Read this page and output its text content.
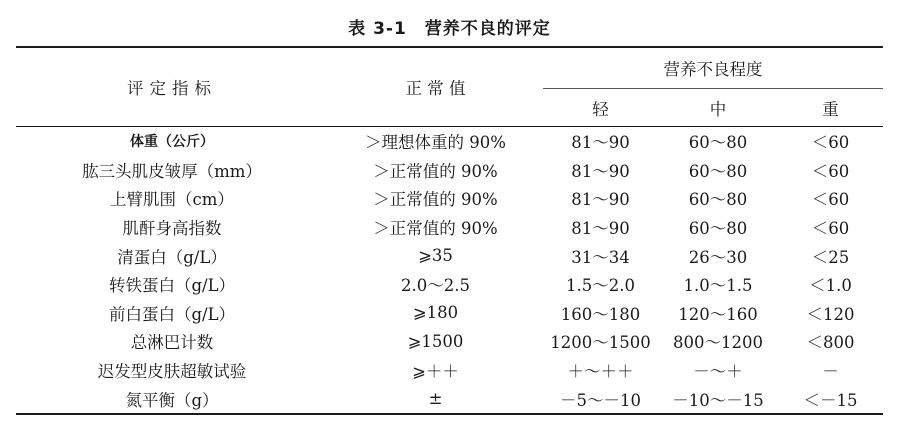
表 3-1 营养不良的评定
评定指标	正 常 值	营养不良程度		
		轻	中	重
体重（公斤）	＞理想体重的 90%	81～90	60～80	＜60
肱三头肌皮皱厚（mm）	＞正常值的 90%	81～90	60～80	＜60
上臂肌围（cm）	＞正常值的 90%	81～90	60～80	＜60
肌酐身高指数	＞正常值的 90%	81～90	60～80	＜60
清蛋白（g/L）	⩾35	31～34	26～30	＜25
转铁蛋白（g/L）	2.0～2.5	1.5～2.0	1.0～1.5	＜1.0
前白蛋白（g/L）	⩾180	160～180	120～160	＜120
总淋巴计数	⩾1500	1200～1500	800～1200	＜800
迟发型皮肤超敏试验	⩾＋＋	＋～＋＋	－～＋	－
氮平衡（g）	±	－5～－10	－10～－15	＜－15
